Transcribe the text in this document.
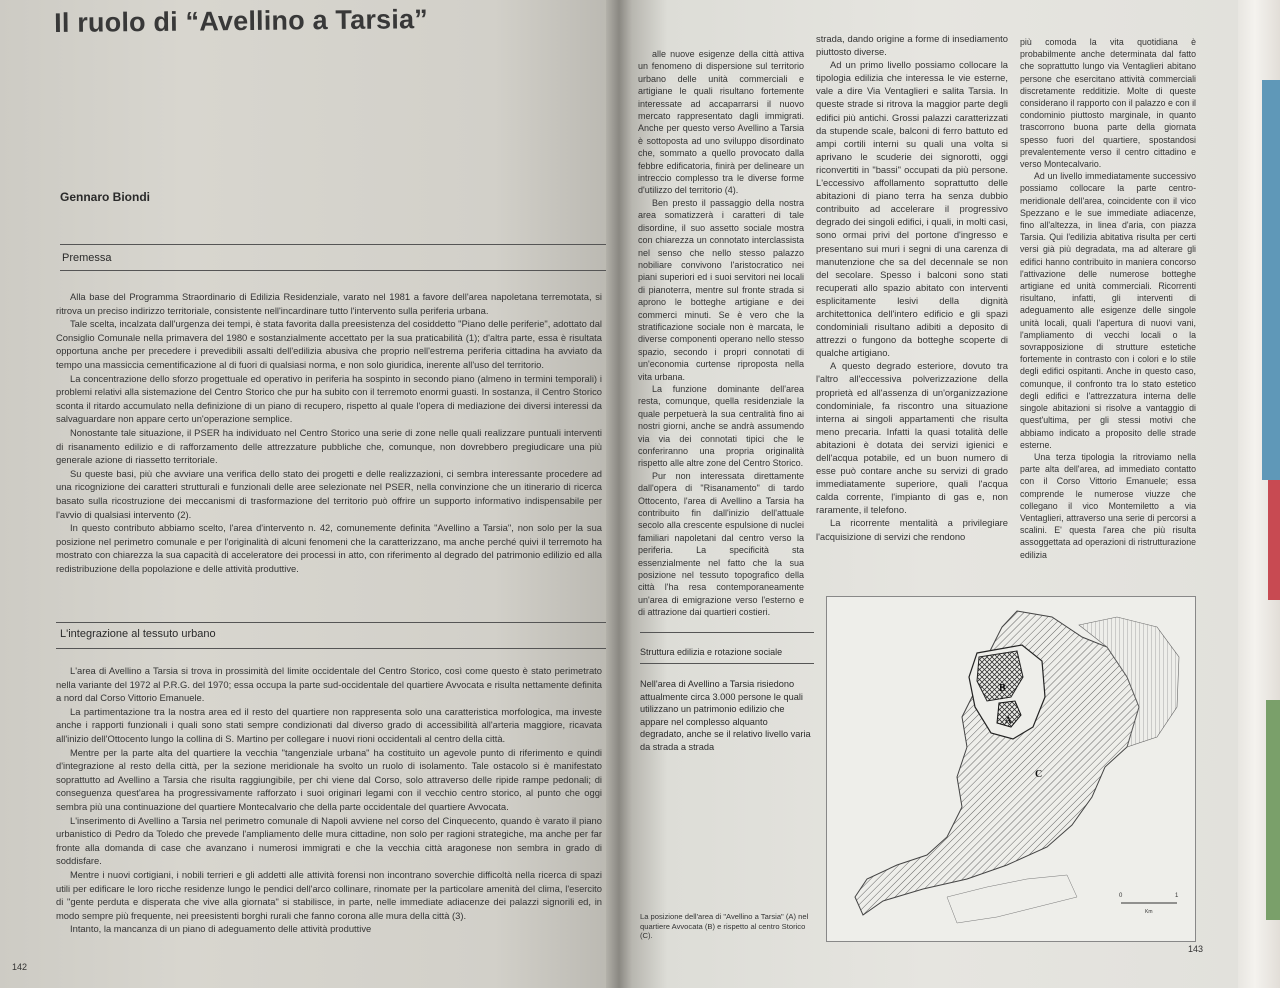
Il ruolo di “Avellino a Tarsia”
Gennaro Biondi
Premessa

Alla base del Programma Straordinario di Edilizia Residenziale, varato nel 1981 a favore dell'area napoletana terremotata, si ritrova un preciso indirizzo territoriale, consistente nell'incardinare tutto l'intervento sulla periferia urbana.

Tale scelta, incalzata dall'urgenza dei tempi, è stata favorita dalla preesistenza del cosiddetto "Piano delle periferie", adottato dal Consiglio Comunale nella primavera del 1980 e sostanzialmente accettato per la sua praticabilità (1); d'altra parte, essa è risultata opportuna anche per precedere i prevedibili assalti dell'edilizia abusiva che proprio nell'estrema periferia cittadina ha avviato da tempo una massiccia cementificazione al di fuori di qualsiasi norma, e non solo giuridica, inerente all'uso del territorio.

La concentrazione dello sforzo progettuale ed operativo in periferia ha sospinto in secondo piano (almeno in termini temporali) i problemi relativi alla sistemazione del Centro Storico che pur ha subito con il terremoto enormi guasti. In sostanza, il Centro Storico sconta il ritardo accumulato nella definizione di un piano di recupero, rispetto al quale l'opera di mediazione dei diversi interessi da salvaguardare non appare certo un'operazione semplice.

Nonostante tale situazione, il PSER ha individuato nel Centro Storico una serie di zone nelle quali realizzare puntuali interventi di risanamento edilizio e di rafforzamento delle attrezzature pubbliche che, comunque, non dovrebbero pregiudicare una più generale azione di riassetto territoriale.

Su queste basi, più che avviare una verifica dello stato dei progetti e delle realizzazioni, ci sembra interessante procedere ad una ricognizione dei caratteri strutturali e funzionali delle aree selezionate nel PSER, nella convinzione che un itinerario di ricerca basato sulla ricostruzione dei meccanismi di trasformazione del territorio può offrire un supporto informativo indispensabile per l'avvio di qualsiasi intervento (2).

In questo contributo abbiamo scelto, l'area d'intervento n. 42, comunemente definita "Avellino a Tarsia", non solo per la sua posizione nel perimetro comunale e per l'originalità di alcuni fenomeni che la caratterizzano, ma anche perché quivi il terremoto ha mostrato con chiarezza la sua capacità di acceleratore dei processi in atto, con riferimento al degrado del patrimonio edilizio ed alla redistribuzione della popolazione e delle attività produttive.

L'integrazione al tessuto urbano

L'area di Avellino a Tarsia si trova in prossimità del limite occidentale del Centro Storico, così come questo è stato perimetrato nella variante del 1972 al P.R.G. del 1970; essa occupa la parte sud-occidentale del quartiere Avvocata e risulta nettamente definita a nord dal Corso Vittorio Emanuele.

La partimentazione tra la nostra area ed il resto del quartiere non rappresenta solo una caratteristica morfologica, ma investe anche i rapporti funzionali i quali sono stati sempre condizionati dal diverso grado di accessibilità all'arteria maggiore, ricavata all'inizio dell'Ottocento lungo la collina di S. Martino per collegare i nuovi rioni occidentali al centro della città.

Mentre per la parte alta del quartiere la vecchia "tangenziale urbana" ha costituito un agevole punto di riferimento e quindi d'integrazione al resto della città, per la sezione meridionale ha svolto un ruolo di isolamento. Tale ostacolo si è manifestato soprattutto ad Avellino a Tarsia che risulta raggiungibile, per chi viene dal Corso, solo attraverso delle ripide rampe pedonali; di conseguenza quest'area ha progressivamente rafforzato i suoi originari legami con il vecchio centro storico, al punto che oggi sembra più una continuazione del quartiere Montecalvario che della parte occidentale del quartiere Avvocata.

L'inserimento di Avellino a Tarsia nel perimetro comunale di Napoli avviene nel corso del Cinquecento, quando è varato il piano urbanistico di Pedro da Toledo che prevede l'ampliamento delle mura cittadine, non solo per ragioni strategiche, ma anche per far fronte alla domanda di case che avanzano i numerosi immigrati e che la vecchia città aragonese non sembra in grado di soddisfare.

Mentre i nuovi cortigiani, i nobili terrieri e gli addetti alle attività forensi non incontrano soverchie difficoltà nella ricerca di spazi utili per edificare le loro ricche residenze lungo le pendici dell'arco collinare, rinomate per la particolare amenità del clima, l'esercito di "gente perduta e disperata che vive alla giornata" si stabilisce, in parte, nelle immediate adiacenze dei palazzi signorili ed, in modo sempre più frequente, nei preesistenti borghi rurali che fanno corona alle mura della città (3).

Intanto, la mancanza di un piano di adeguamento delle attività produttive

142

alle nuove esigenze della città attiva un fenomeno di dispersione sul territorio urbano delle unità commerciali e artigiane le quali risultano fortemente interessate ad accaparrarsi il nuovo mercato rappresentato dagli immigrati. Anche per questo verso Avellino a Tarsia è sottoposta ad uno sviluppo disordinato che, sommato a quello provocato dalla febbre edificatoria, finirà per delineare un intreccio complesso tra le diverse forme d'utilizzo del territorio (4).

Ben presto il passaggio della nostra area somatizzerà i caratteri di tale disordine, il suo assetto sociale mostra con chiarezza un connotato interclassista nel senso che nello stesso palazzo nobiliare convivono l'aristocratico nei piani superiori ed i suoi servitori nei locali di pianoterra, mentre sul fronte strada si aprono le botteghe artigiane e dei commerci minuti. Se è vero che la stratificazione sociale non è marcata, le diverse componenti operano nello stesso spazio, secondo i propri connotati di un'economia curtense riproposta nella vita urbana.

La funzione dominante dell'area resta, comunque, quella residenziale la quale perpetuerà la sua centralità fino ai nostri giorni, anche se andrà assumendo via via dei connotati tipici che le conferiranno una propria originalità rispetto alle altre zone del Centro Storico.

Pur non interessata direttamente dall'opera di "Risanamento" di tardo Ottocento, l'area di Avellino a Tarsia ha contribuito fin dall'inizio dell'attuale secolo alla crescente espulsione di nuclei familiari napoletani dal centro verso la periferia. La specificità sta essenzialmente nel fatto che la sua posizione nel tessuto topografico della città l'ha resa contemporaneamente un'area di emigrazione verso l'esterno e di attrazione dai quartieri costieri.

strada, dando origine a forme di insediamento piuttosto diverse.

Ad un primo livello possiamo collocare la tipologia edilizia che interessa le vie esterne, vale a dire Via Ventaglieri e salita Tarsia. In queste strade si ritrova la maggior parte degli edifici più antichi. Grossi palazzi caratterizzati da stupende scale, balconi di ferro battuto ed ampi cortili interni su quali una volta si aprivano le scuderie dei signorotti, oggi riconvertiti in "bassi" occupati da più persone. L'eccessivo affollamento soprattutto delle abitazioni di piano terra ha senza dubbio contribuito ad accelerare il progressivo degrado dei singoli edifici, i quali, in molti casi, sono ormai privi del portone d'ingresso e presentano sui muri i segni di una carenza di manutenzione che sa del decennale se non del secolare. Spesso i balconi sono stati recuperati allo spazio abitato con interventi esplicitamente lesivi della dignità architettonica dell'intero edificio e gli spazi condominiali risultano adibiti a deposito di attrezzi o fungono da botteghe scoperte di qualche artigiano.

A questo degrado esteriore, dovuto tra l'altro all'eccessiva polverizzazione della proprietà ed all'assenza di un'organizzazione condominiale, fa riscontro una situazione interna ai singoli appartamenti che risulta meno precaria. Infatti la quasi totalità delle abitazioni è dotata dei servizi igienici e dell'acqua potabile, ed un buon numero di esse può contare anche su servizi di grado immediatamente superiore, quali l'acqua calda corrente, l'impianto di gas e, non raramente, il telefono.

La ricorrente mentalità a privilegiare l'acquisizione di servizi che rendono

più comoda la vita quotidiana è probabilmente anche determinata dal fatto che soprattutto lungo via Ventaglieri abitano persone che esercitano attività commerciali discretamente redditizie. Molte di queste considerano il rapporto con il palazzo e con il condominio piuttosto marginale, in quanto trascorrono buona parte della giornata spesso fuori del quartiere, spostandosi prevalentemente verso il centro cittadino e verso Montecalvario.

Ad un livello immediatamente successivo possiamo collocare la parte centro-meridionale dell'area, coincidente con il vico Spezzano e le sue immediate adiacenze, fino all'altezza, in linea d'aria, con piazza Tarsia. Qui l'edilizia abitativa risulta per certi versi già più degradata, ma ad alterare gli edifici hanno contribuito in maniera concorso l'attivazione delle numerose botteghe artigiane ed unità commerciali. Ricorrenti risultano, infatti, gli interventi di adeguamento alle esigenze delle singole unità locali, quali l'apertura di nuovi vani, l'ampliamento di vecchi locali o la sovrapposizione di strutture estetiche fortemente in contrasto con i colori e lo stile degli edifici ospitanti. Anche in questo caso, comunque, il confronto tra lo stato estetico degli edifici e l'attrezzatura interna delle singole abitazioni si risolve a vantaggio di quest'ultima, per gli stessi motivi che abbiamo indicato a proposito delle strade esterne.

Una terza tipologia la ritroviamo nella parte alta dell'area, ad immediato contatto con il Corso Vittorio Emanuele; essa comprende le numerose viuzze che collegano il vico Montemiletto a via Ventaglieri, attraverso una serie di percorsi a scalini. E' questa l'area che più risulta assoggettata ad operazioni di ristrutturazione edilizia

143
Struttura edilizia e rotazione sociale
Nell'area di Avellino a Tarsia risiedono attualmente circa 3.000 persone le quali utilizzano un patrimonio edilizio che appare nel complesso alquanto degradato, anche se il relativo livello varia da strada a strada
B
A
C
0	1
Km
La posizione dell'area di "Avellino a Tarsia" (A) nel quartiere Avvocata (B) e rispetto al centro Storico (C).
